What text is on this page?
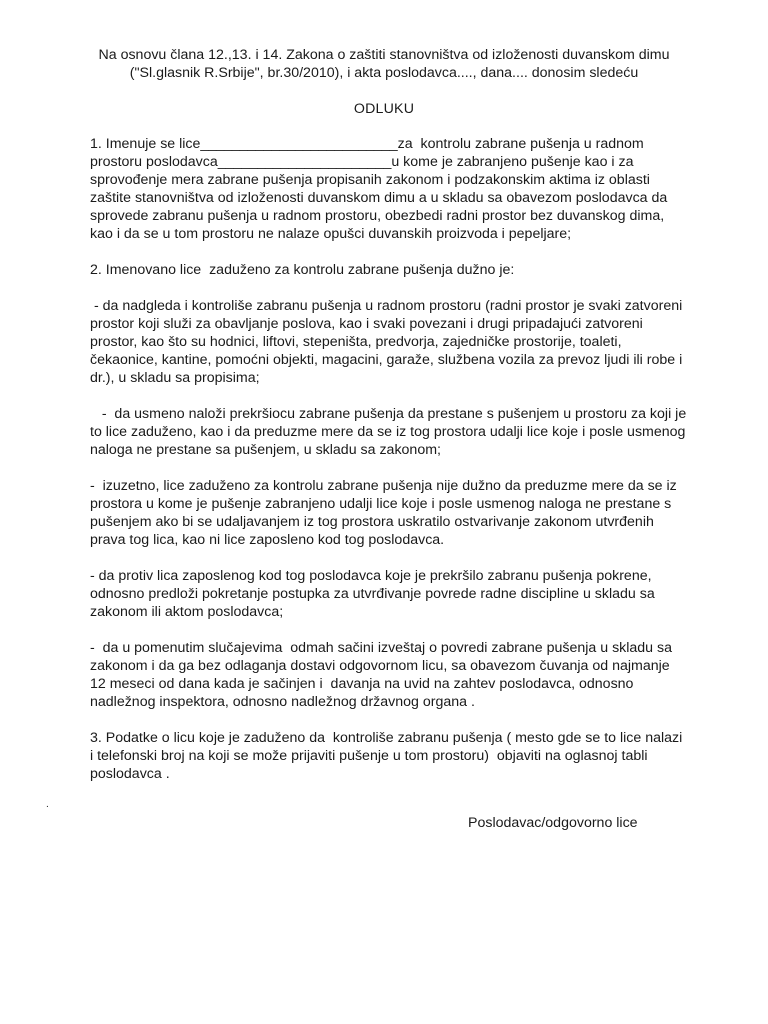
Na osnovu člana 12.,13. i 14. Zakona o zaštiti stanovništva od izloženosti duvanskom dimu
("Sl.glasnik R.Srbije", br.30/2010), i akta poslodavca...., dana.... donosim sledeću
ODLUKU
1. Imenuje se lice_________________________za  kontrolu zabrane pušenja u radnom
prostoru poslodavca______________________u kome je zabranjeno pušenje kao i za
sprovođenje mera zabrane pušenja propisanih zakonom i podzakonskim aktima iz oblasti
zaštite stanovništva od izloženosti duvanskom dimu a u skladu sa obavezom poslodavca da
sprovede zabranu pušenja u radnom prostoru, obezbedi radni prostor bez duvanskog dima,
kao i da se u tom prostoru ne nalaze opušci duvanskih proizvoda i pepeljare;
2. Imenovano lice  zaduženo za kontrolu zabrane pušenja dužno je:
- da nadgleda i kontroliše zabranu pušenja u radnom prostoru (radni prostor je svaki zatvoreni
prostor koji služi za obavljanje poslova, kao i svaki povezani i drugi pripadajući zatvoreni
prostor, kao što su hodnici, liftovi, stepeništa, predvorja, zajedničke prostorije, toaleti,
čekaonice, kantine, pomoćni objekti, magacini, garaže, službena vozila za prevoz ljudi ili robe i
dr.), u skladu sa propisima;
-  da usmeno naloži prekršiocu zabrane pušenja da prestane s pušenjem u prostoru za koji je
to lice zaduženo, kao i da preduzme mere da se iz tog prostora udalji lice koje i posle usmenog
naloga ne prestane sa pušenjem, u skladu sa zakonom;
-  izuzetno, lice zaduženo za kontrolu zabrane pušenja nije dužno da preduzme mere da se iz
prostora u kome je pušenje zabranjeno udalji lice koje i posle usmenog naloga ne prestane s
pušenjem ako bi se udaljavanjem iz tog prostora uskratilo ostvarivanje zakonom utvrđenih
prava tog lica, kao ni lice zaposleno kod tog poslodavca.
- da protiv lica zaposlenog kod tog poslodavca koje je prekršilo zabranu pušenja pokrene,
odnosno predloži pokretanje postupka za utvrđivanje povrede radne discipline u skladu sa
zakonom ili aktom poslodavca;
-  da u pomenutim slučajevima  odmah sačini izveštaj o povredi zabrane pušenja u skladu sa
zakonom i da ga bez odlaganja dostavi odgovornom licu, sa obavezom čuvanja od najmanje
12 meseci od dana kada je sačinjen i  davanja na uvid na zahtev poslodavca, odnosno
nadležnog inspektora, odnosno nadležnog državnog organa .
3. Podatke o licu koje je zaduženo da  kontroliše zabranu pušenja ( mesto gde se to lice nalazi
i telefonski broj na koji se može prijaviti pušenje u tom prostoru)  objaviti na oglasnoj tabli
poslodavca .
.
Poslodavac/odgovorno lice
